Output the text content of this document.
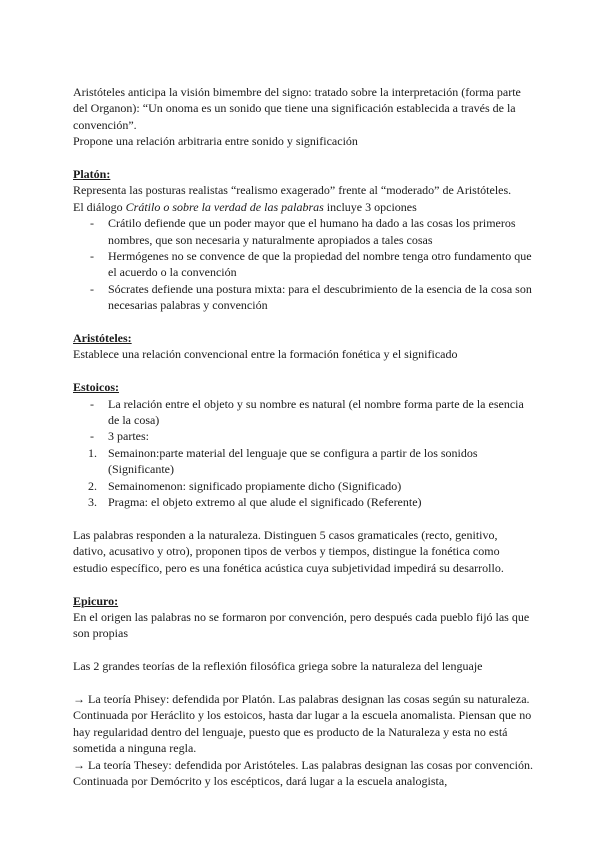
Aristóteles anticipa la visión bimembre del signo: tratado sobre la interpretación (forma parte del Organon): “Un onoma es un sonido que tiene una significación establecida a través de la convención”.

Propone una relación arbitraria entre sonido y significación

Platón:

Representa las posturas realistas “realismo exagerado” frente al “moderado” de Aristóteles.

El diálogo Crátilo o sobre la verdad de las palabras incluye 3 opciones

- Crátilo defiende que un poder mayor que el humano ha dado a las cosas los primeros nombres, que son necesaria y naturalmente apropiados a tales cosas
- Hermógenes no se convence de que la propiedad del nombre tenga otro fundamento que el acuerdo o la convención
- Sócrates defiende una postura mixta: para el descubrimiento de la esencia de la cosa son necesarias palabras y convención

Aristóteles:

Establece una relación convencional entre la formación fonética y el significado

Estoicos:

- La relación entre el objeto y su nombre es natural (el nombre forma parte de la esencia de la cosa)
- 3 partes:
1. Semainon:parte material del lenguaje que se configura a partir de los sonidos (Significante)
2. Semainomenon: significado propiamente dicho (Significado)
3. Pragma: el objeto extremo al que alude el significado (Referente)

Las palabras responden a la naturaleza. Distinguen 5 casos gramaticales (recto, genitivo, dativo, acusativo y otro), proponen tipos de verbos y tiempos, distingue la fonética como estudio específico, pero es una fonética acústica cuya subjetividad impedirá su desarrollo.

Epicuro:

En el origen las palabras no se formaron por convención, pero después cada pueblo fijó las que son propias

Las 2 grandes teorías de la reflexión filosófica griega sobre la naturaleza del lenguaje

→ La teoría Phisey: defendida por Platón. Las palabras designan las cosas según su naturaleza. Continuada por Heráclito y los estoicos, hasta dar lugar a la escuela anomalista. Piensan que no hay regularidad dentro del lenguaje, puesto que es producto de la Naturaleza y esta no está sometida a ninguna regla.

→ La teoría Thesey: defendida por Aristóteles. Las palabras designan las cosas por convención. Continuada por Demócrito y los escépticos, dará lugar a la escuela analogista,
